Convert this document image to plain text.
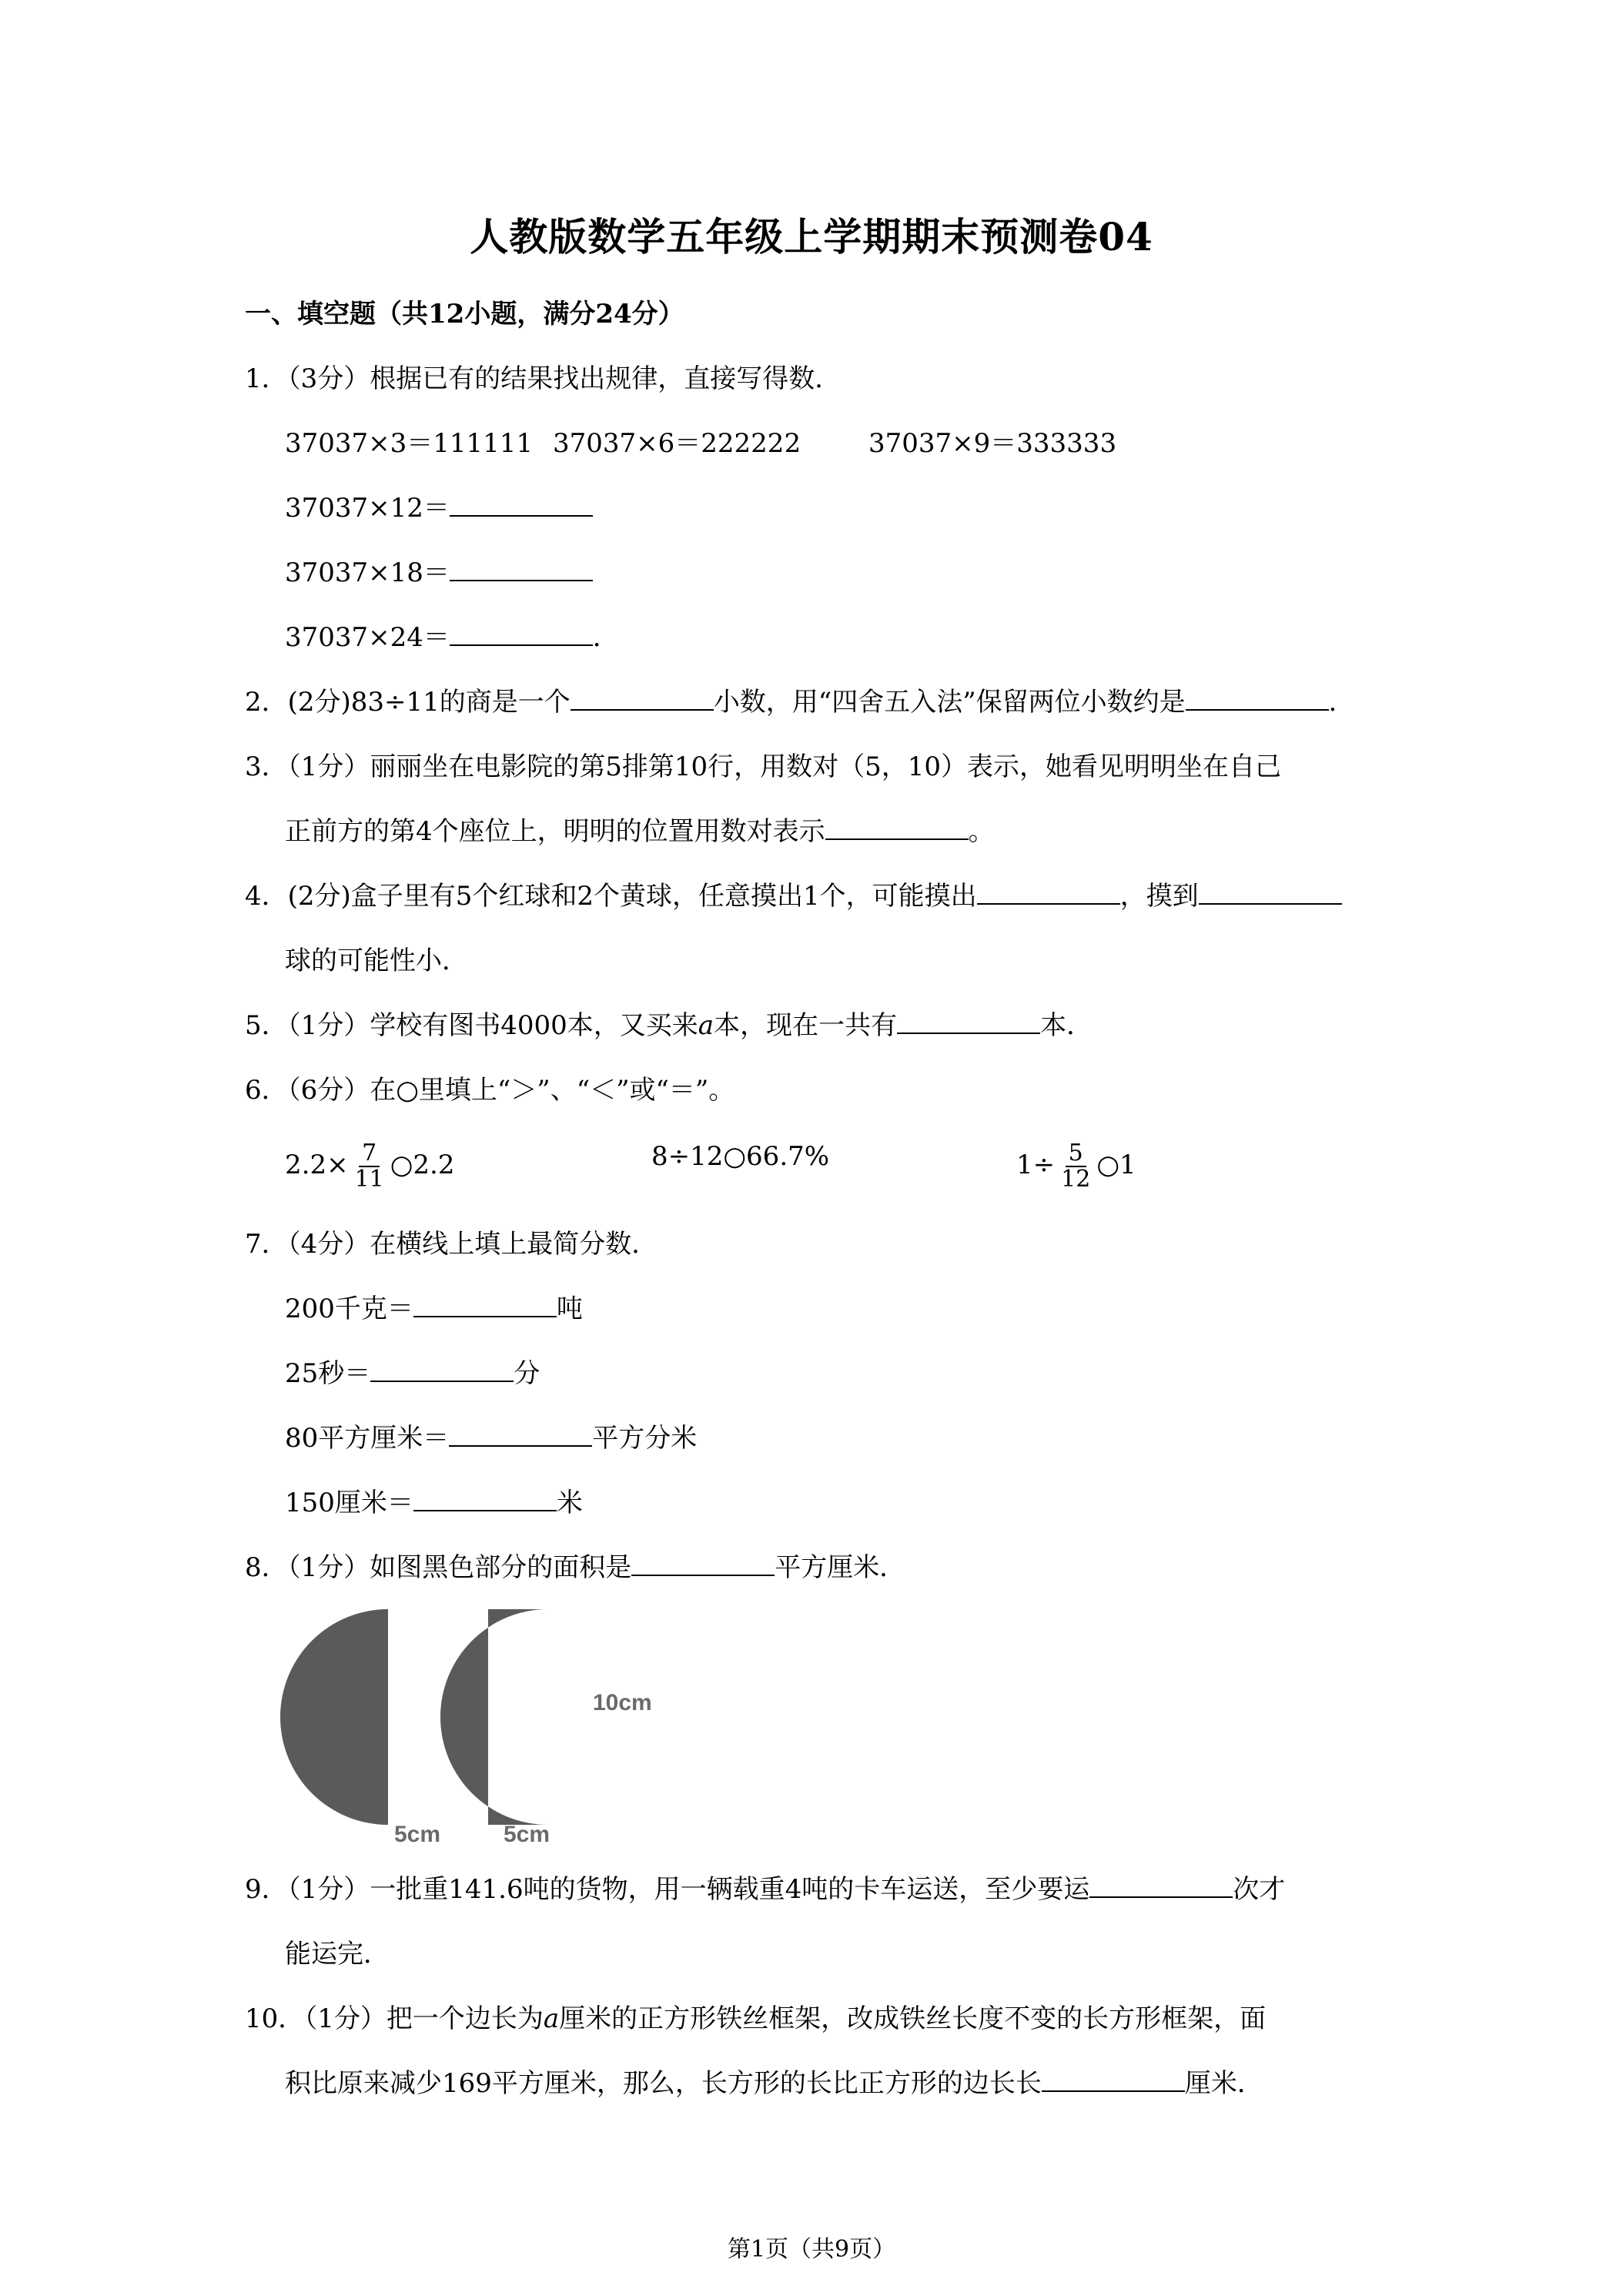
人教版数学五年级上学期期末预测卷04
一、填空题（共12小题，满分24分）
1．（3分）根据已有的结果找出规律，直接写得数．
37037×3＝111111 37037×6＝222222	37037×9＝333333
37037×12＝
37037×18＝
37037×24＝	．
2．(2分)83÷11的商是一个	小数，用“四舍五入法”保留两位小数约是	．
3．（1分）丽丽坐在电影院的第5排第10行，用数对（5，10）表示，她看见明明坐在自己
正前方的第4个座位上，明明的位置用数对表示	。
4．(2分)盒子里有5个红球和2个黄球，任意摸出1个，可能摸出	，摸到
球的可能性小．
5．（1分）学校有图书4000本，又买来a本，现在一共有	本．
6．（6分）在○里填上“＞”、“＜”或“＝”。
$2.2\times \frac{7}{11}$ ○2.2	8÷12○66.7%	$1\div \frac{5}{12}$ ○1
7．（4分）在横线上填上最简分数．
200千克＝	吨
25秒＝	分
80平方厘米＝	平方分米
150厘米＝	米
8．（1分）如图黑色部分的面积是	平方厘米．
10cm
5cm	5cm
9．（1分）一批重141.6吨的货物，用一辆载重4吨的卡车运送，至少要运	次才
能运完．
10．（1分）把一个边长为a厘米的正方形铁丝框架，改成铁丝长度不变的长方形框架，面
积比原来减少169平方厘米，那么，长方形的长比正方形的边长长	厘米．
第1页（共9页）
